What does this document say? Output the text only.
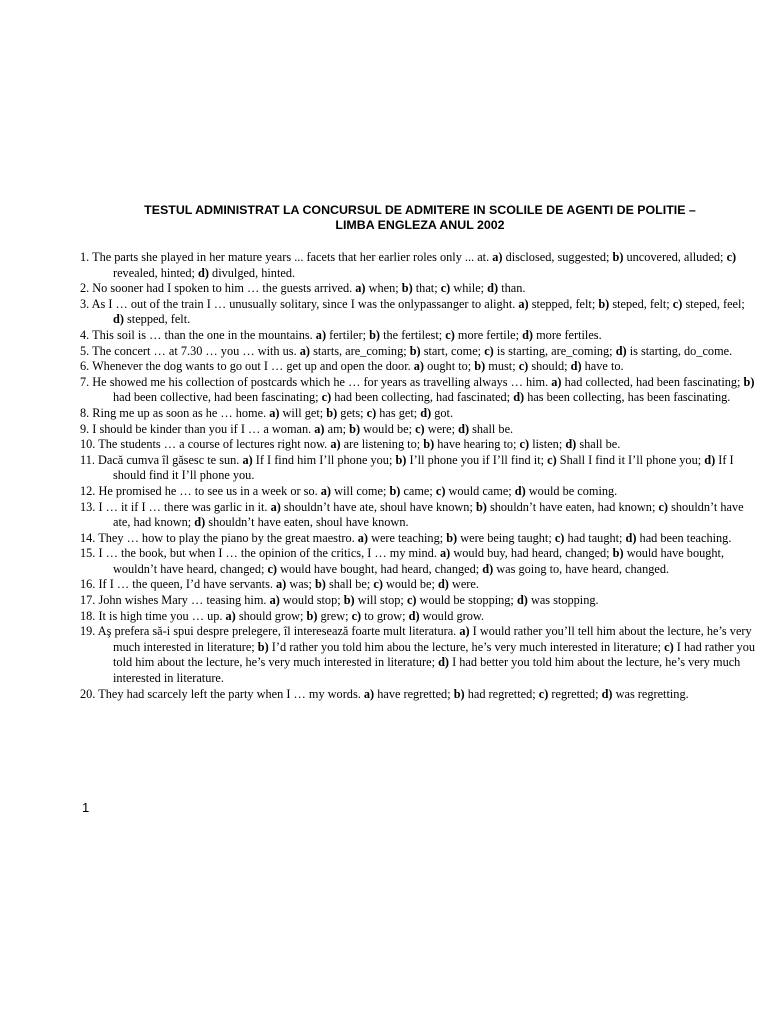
TESTUL ADMINISTRAT LA CONCURSUL DE ADMITERE IN SCOLILE DE AGENTI DE POLITIE –
LIMBA ENGLEZA ANUL 2002
1. The parts she played in her mature years ... facets that her earlier roles only ... at. a) disclosed, suggested; b) uncovered, alluded; c) revealed, hinted; d) divulged, hinted.
2. No sooner had I spoken to him … the guests arrived. a) when; b) that; c) while; d) than.
3. As I … out of the train I … unusually solitary, since I was the onlypassanger to alight. a) stepped, felt; b) steped, felt; c) steped, feel; d) stepped, felt.
4. This soil is … than the one in the mountains. a) fertiler; b) the fertilest; c) more fertile; d) more fertiles.
5. The concert … at 7.30 … you … with us. a) starts, are_coming; b) start, come; c) is starting, are_coming; d) is starting, do_come.
6. Whenever the dog wants to go out I … get up and open the door. a) ought to; b) must; c) should; d) have to.
7. He showed me his collection of postcards which he … for years as travelling always … him. a) had collected, had been fascinating; b) had been collective, had been fascinating; c) had been collecting, had fascinated; d) has been collecting, has been fascinating.
8. Ring me up as soon as he … home. a) will get; b) gets; c) has get; d) got.
9. I should be kinder than you if I … a woman. a) am; b) would be; c) were; d) shall be.
10. The students … a course of lectures right now. a) are listening to; b) have hearing to; c) listen; d) shall be.
11. Dacă cumva îl găsesc te sun. a) If I find him I’ll phone you; b) I’ll phone you if I’ll find it; c) Shall I find it I’ll phone you; d) If I should find it I’ll phone you.
12. He promised he … to see us in a week or so. a) will come; b) came; c) would came; d) would be coming.
13. I … it if I … there was garlic in it. a) shouldn’t have ate, shoul have known; b) shouldn’t have eaten, had known; c) shouldn’t have ate, had known; d) shouldn’t have eaten, shoul have known.
14. They … how to play the piano by the great maestro. a) were teaching; b) were being taught; c) had taught; d) had been teaching.
15. I … the book, but when I … the opinion of the critics, I … my mind. a) would buy, had heard, changed; b) would have bought, wouldn’t have heard, changed; c) would have bought, had heard, changed; d) was going to, have heard, changed.
16. If I … the queen, I’d have servants. a) was; b) shall be; c) would be; d) were.
17. John wishes Mary … teasing him. a) would stop; b) will stop; c) would be stopping; d) was stopping.
18. It is high time you … up. a) should grow; b) grew; c) to grow; d) would grow.
19. Aş prefera să-i spui despre prelegere, îl interesează foarte mult literatura. a) I would rather you’ll tell him about the lecture, he’s very much interested in literature; b) I’d rather you told him abou the lecture, he’s very much interested in literature; c) I had rather you told him about the lecture, he’s very much interested in literature; d) I had better you told him about the lecture, he’s very much interested in literature.
20. They had scarcely left the party when I … my words. a) have regretted; b) had regretted; c) regretted; d) was regretting.
1
